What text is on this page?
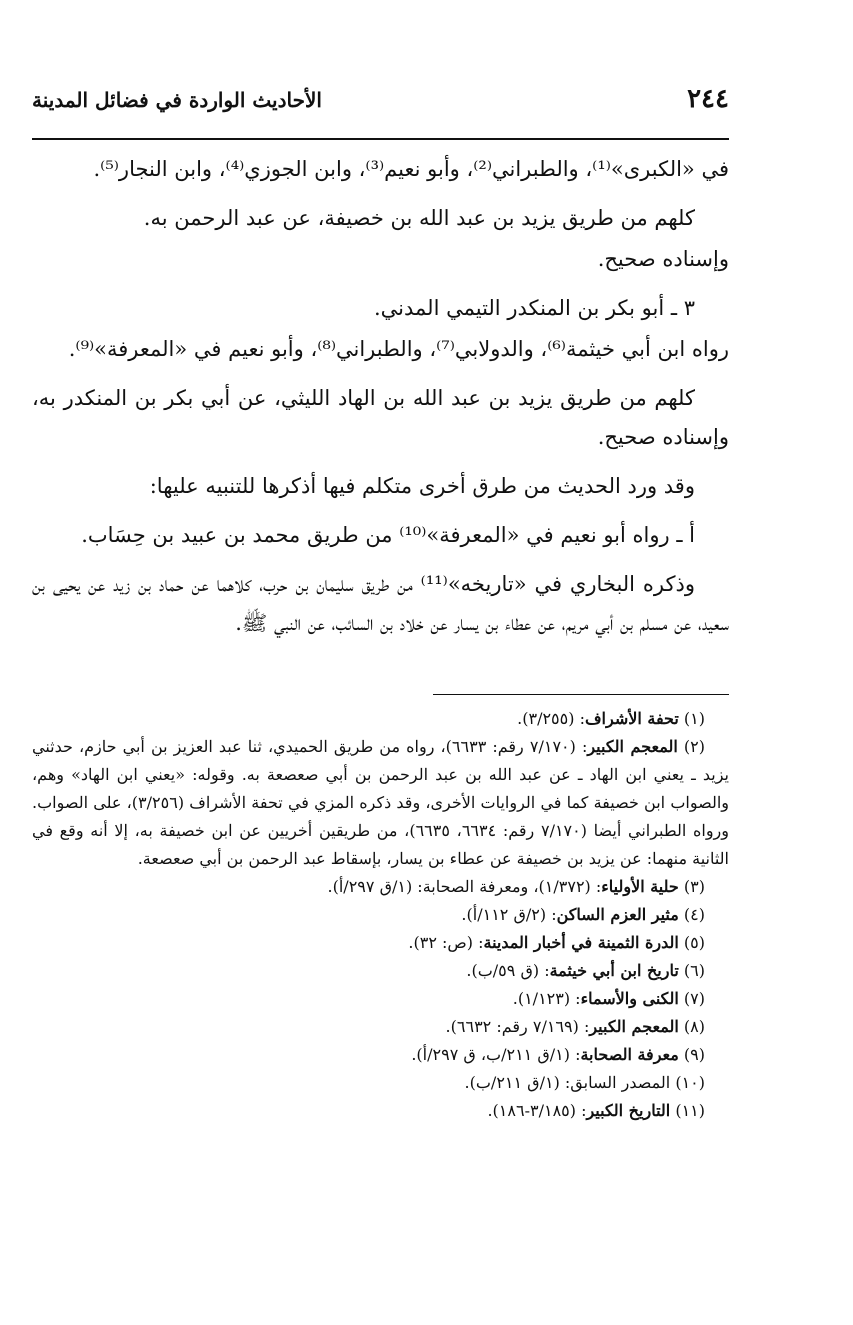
٢٤٤
الأحاديث الواردة في فضائل المدينة

في «الكبرى»⁽¹⁾، والطبراني⁽²⁾، وأبو نعيم⁽³⁾، وابن الجوزي⁽⁴⁾، وابن النجار⁽⁵⁾.

كلهم من طريق يزيد بن عبد الله بن خصيفة، عن عبد الرحمن به.

وإسناده صحيح.

٣ ـ أبو بكر بن المنكدر التيمي المدني.

رواه ابن أبي خيثمة⁽⁶⁾، والدولابي⁽⁷⁾، والطبراني⁽⁸⁾، وأبو نعيم في «المعرفة»⁽⁹⁾.

كلهم من طريق يزيد بن عبد الله بن الهاد الليثي، عن أبي بكر بن المنكدر به، وإسناده صحيح.

وقد ورد الحديث من طرق أخرى متكلم فيها أذكرها للتنبيه عليها:

أ ـ رواه أبو نعيم في «المعرفة»⁽¹⁰⁾ من طريق محمد بن عبيد بن حِسَاب.

وذكره البخاري في «تاريخه»⁽¹¹⁾ من طريق سليمان بن حرب، كلاهما عن حماد بن زيد عن يحيى بن سعيد، عن مسلم بن أبي مريم، عن عطاء بن يسار عن خلاد بن السائب، عن النبي ﷺ.

(١) تحفة الأشراف: (٣/٢٥٥).

(٢) المعجم الكبير: (٧/١٧٠ رقم: ٦٦٣٣)، رواه من طريق الحميدي، ثنا عبد العزيز بن أبي حازم، حدثني يزيد ـ يعني ابن الهاد ـ عن عبد الله بن عبد الرحمن بن أبي صعصعة به. وقوله: «يعني ابن الهاد» وهم، والصواب ابن خصيفة كما في الروايات الأخرى، وقد ذكره المزي في تحفة الأشراف (٣/٢٥٦)، على الصواب. ورواه الطبراني أيضا (٧/١٧٠ رقم: ٦٦٣٤، ٦٦٣٥)، من طريقين أخريين عن ابن خصيفة به، إلا أنه وقع في الثانية منهما: عن يزيد بن خصيفة عن عطاء بن يسار، بإسقاط عبد الرحمن بن أبي صعصعة.

(٣) حلية الأولياء: (١/٣٧٢)، ومعرفة الصحابة: (١/ق ٢٩٧/أ).

(٤) مثير العزم الساكن: (٢/ق ١١٢/أ).

(٥) الدرة الثمينة في أخبار المدينة: (ص: ٣٢).

(٦) تاريخ ابن أبي خيثمة: (ق ٥٩/ب).

(٧) الكنى والأسماء: (١/١٢٣).

(٨) المعجم الكبير: (٧/١٦٩ رقم: ٦٦٣٢).

(٩) معرفة الصحابة: (١/ق ٢١١/ب، ق ٢٩٧/أ).

(١٠) المصدر السابق: (١/ق ٢١١/ب).

(١١) التاريخ الكبير: (٣/١٨٥-١٨٦).
